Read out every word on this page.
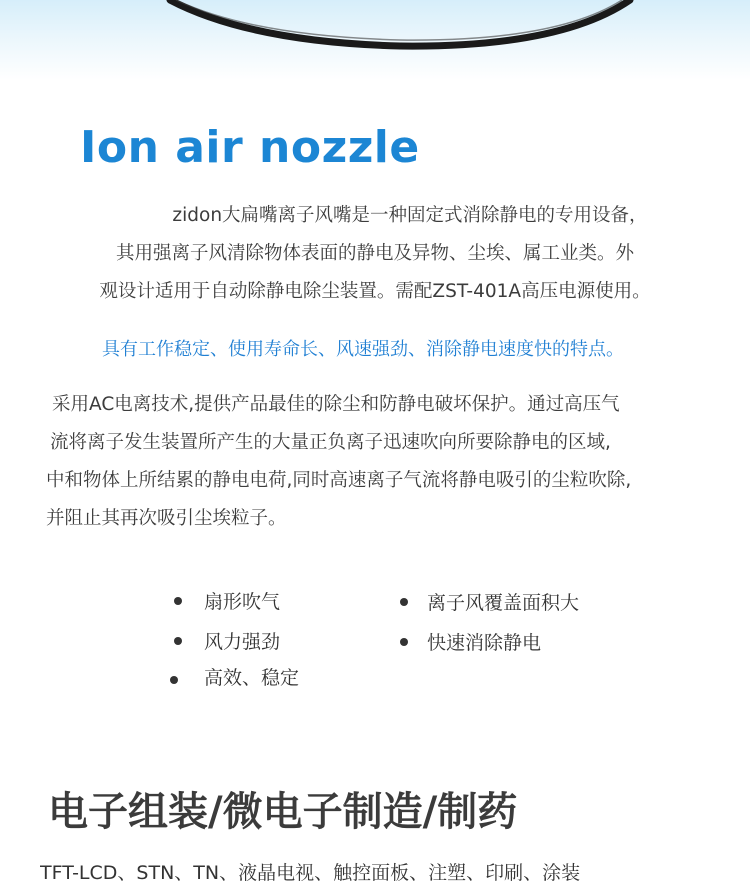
Ion air nozzle
zidon大扁嘴离子风嘴是一种固定式消除静电的专用设备，
其用强离子风清除物体表面的静电及异物、尘埃、属工业类。外
观设计适用于自动除静电除尘装置。需配ZST-401A高压电源使用。
具有工作稳定、使用寿命长、风速强劲、消除静电速度快的特点。
采用AC电离技术,提供产品最佳的除尘和防静电破坏保护。通过高压气
流将离子发生装置所产生的大量正负离子迅速吹向所要除静电的区域,
中和物体上所结累的静电电荷,同时高速离子气流将静电吸引的尘粒吹除,
并阻止其再次吸引尘埃粒子。
扇形吹气	离子风覆盖面积大
风力强劲	快速消除静电
高效、稳定
电子组装/微电子制造/制药
TFT-LCD、STN、TN、液晶电视、触控面板、注塑、印刷、涂装
